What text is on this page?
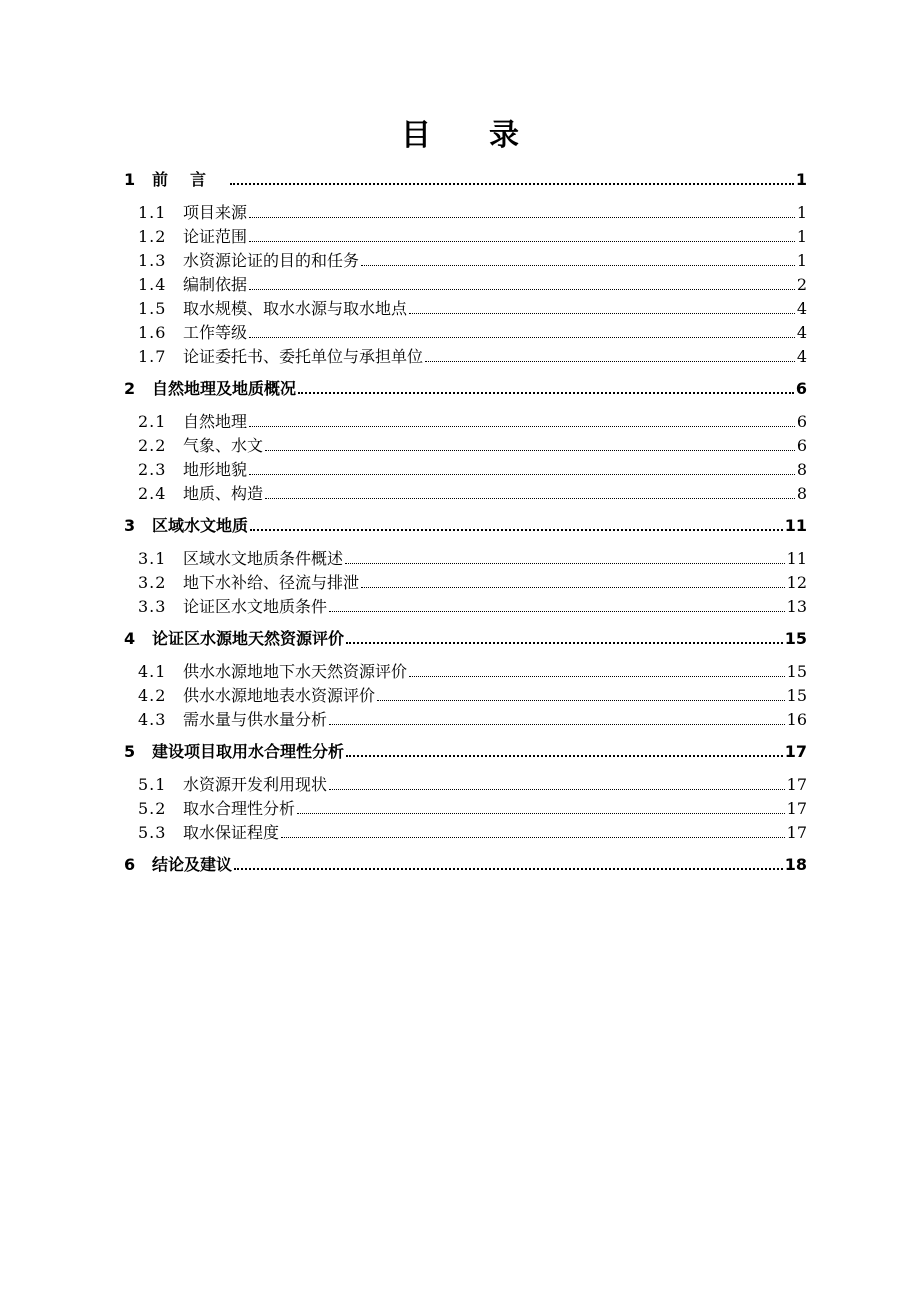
目 录
1	前言	1
1.1	项目来源	1
1.2	论证范围	1
1.3	水资源论证的目的和任务	1
1.4	编制依据	2
1.5	取水规模、取水水源与取水地点	4
1.6	工作等级	4
1.7	论证委托书、委托单位与承担单位	4
2	自然地理及地质概况	6
2.1	自然地理	6
2.2	气象、水文	6
2.3	地形地貌	8
2.4	地质、构造	8
3	区域水文地质	11
3.1	区域水文地质条件概述	11
3.2	地下水补给、径流与排泄	12
3.3	论证区水文地质条件	13
4	论证区水源地天然资源评价	15
4.1	供水水源地地下水天然资源评价	15
4.2	供水水源地地表水资源评价	15
4.3	需水量与供水量分析	16
5	建设项目取用水合理性分析	17
5.1	水资源开发利用现状	17
5.2	取水合理性分析	17
5.3	取水保证程度	17
6	结论及建议	18
